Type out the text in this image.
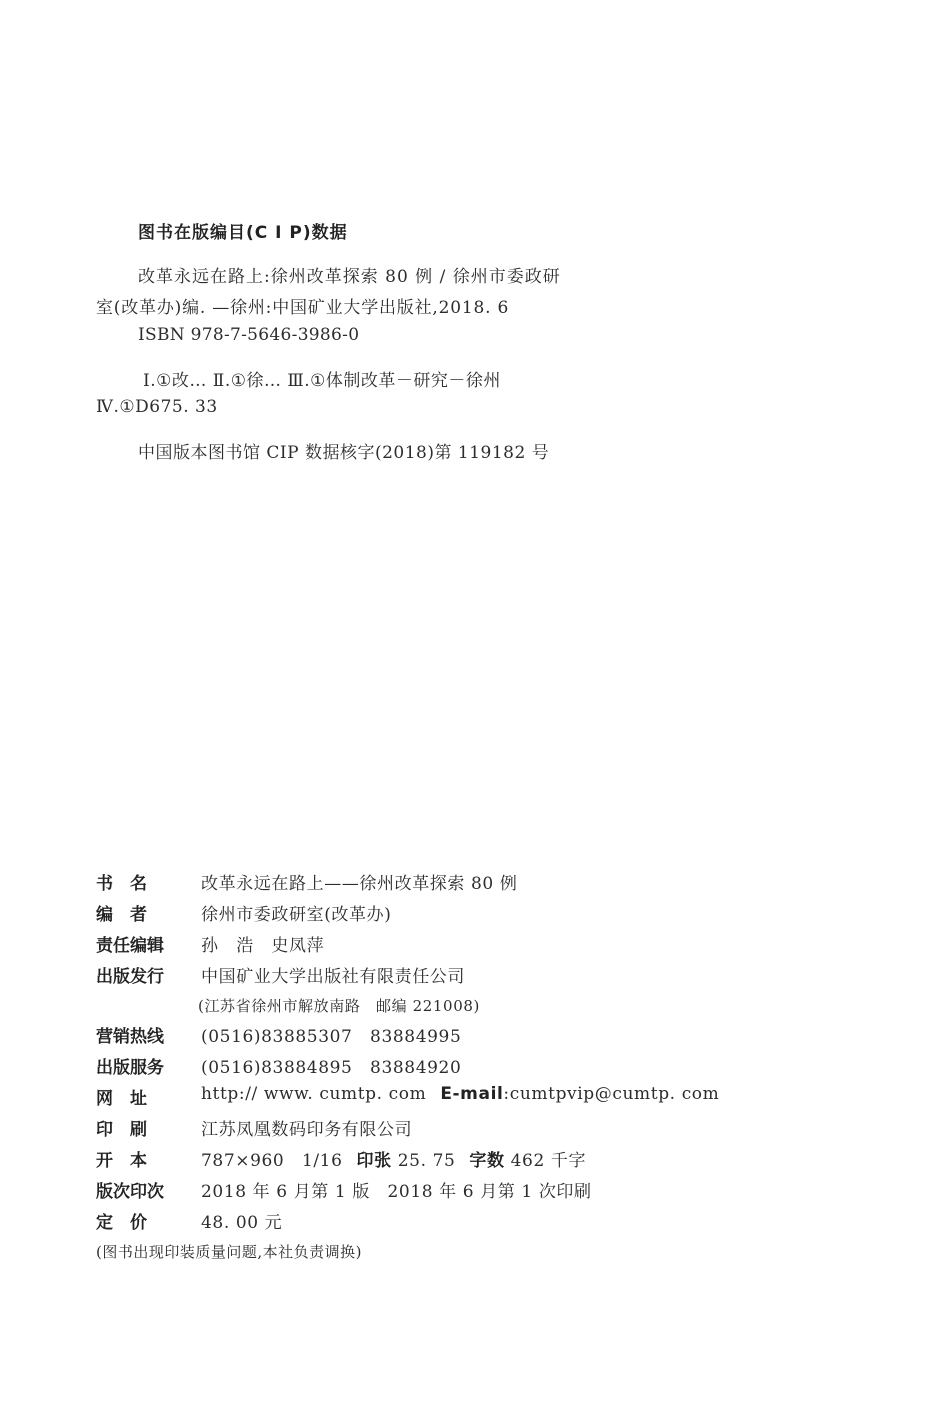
图书在版编目(C I P)数据
改革永远在路上:徐州改革探索 80 例 / 徐州市委政研
室(改革办)编. —徐州:中国矿业大学出版社,2018. 6
ISBN 978-7-5646-3986-0
Ⅰ.①改… Ⅱ.①徐… Ⅲ.①体制改革－研究－徐州
Ⅳ.①D675. 33
中国版本图书馆 CIP 数据核字(2018)第 119182 号
书　名	改革永远在路上——徐州改革探索 80 例
编　者	徐州市委政研室(改革办)
责任编辑	孙　浩　史凤萍
出版发行	中国矿业大学出版社有限责任公司
(江苏省徐州市解放南路　邮编 221008)
营销热线	(0516)83885307　83884995
出版服务	(0516)83884895　83884920
网　址	http:// www. cumtp. com E-mail:cumtpvip@cumtp. com
印　刷	江苏凤凰数码印务有限公司
开　本	787×960　1/16 印张 25. 75 字数 462 千字
版次印次	2018 年 6 月第 1 版　2018 年 6 月第 1 次印刷
定　价	48. 00 元
(图书出现印装质量问题,本社负责调换)
